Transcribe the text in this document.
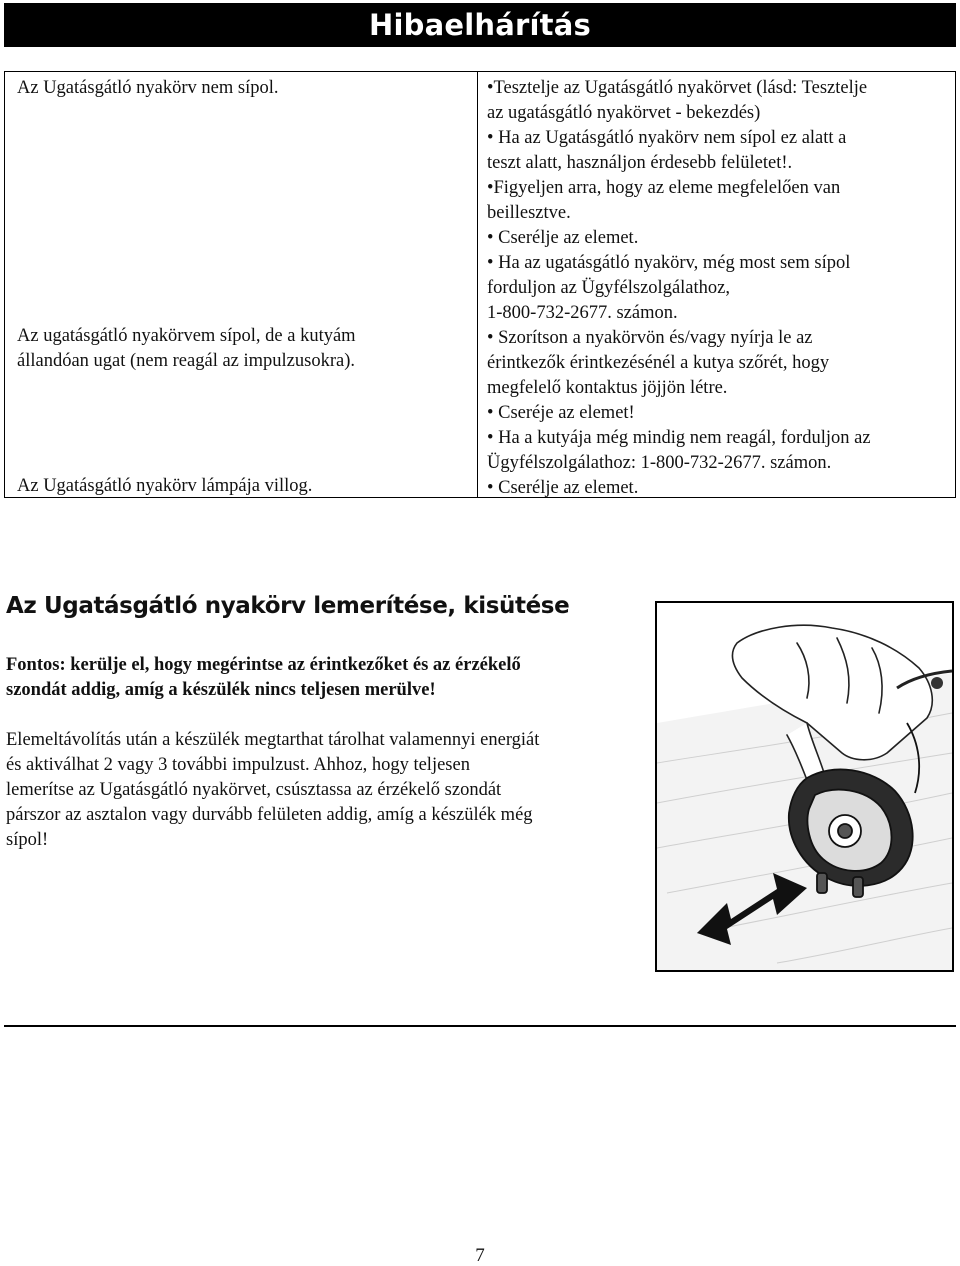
Hibaelhárítás
Az Ugatásgátló nyakörv nem sípol.
Az ugatásgátló nyakörvem sípol, de a kutyám
állandóan ugat (nem reagál az impulzusokra).
Az Ugatásgátló nyakörv lámpája villog.
•Tesztelje az Ugatásgátló nyakörvet (lásd: Tesztelje
az ugatásgátló nyakörvet - bekezdés)
• Ha az Ugatásgátló nyakörv nem sípol ez alatt a
teszt alatt, használjon érdesebb felületet!.
•Figyeljen arra, hogy az eleme megfelelően van
beillesztve.
• Cserélje az elemet.
• Ha az ugatásgátló nyakörv, még most sem sípol
forduljon az Ügyfélszolgálathoz,
1-800-732-2677. számon.
• Szorítson a nyakörvön és/vagy nyírja le az
érintkezők érintkezésénél a kutya szőrét, hogy
megfelelő kontaktus jöjjön létre.
• Cseréje az elemet!
• Ha a kutyája még mindig nem reagál, forduljon az
Ügyfélszolgálathoz: 1-800-732-2677. számon.
• Cserélje az elemet.
Az Ugatásgátló nyakörv lemerítése, kisütése
Fontos: kerülje el, hogy megérintse az érintkezőket és az érzékelő
szondát addig, amíg a készülék nincs teljesen merülve!
Elemeltávolítás után a készülék megtarthat tárolhat valamennyi energiát
és aktiválhat 2 vagy 3 további impulzust. Ahhoz, hogy teljesen
lemerítse az Ugatásgátló nyakörvet, csúsztassa az érzékelő szondát
párszor az asztalon vagy durvább felületen addig, amíg a készülék még
sípol!
7
